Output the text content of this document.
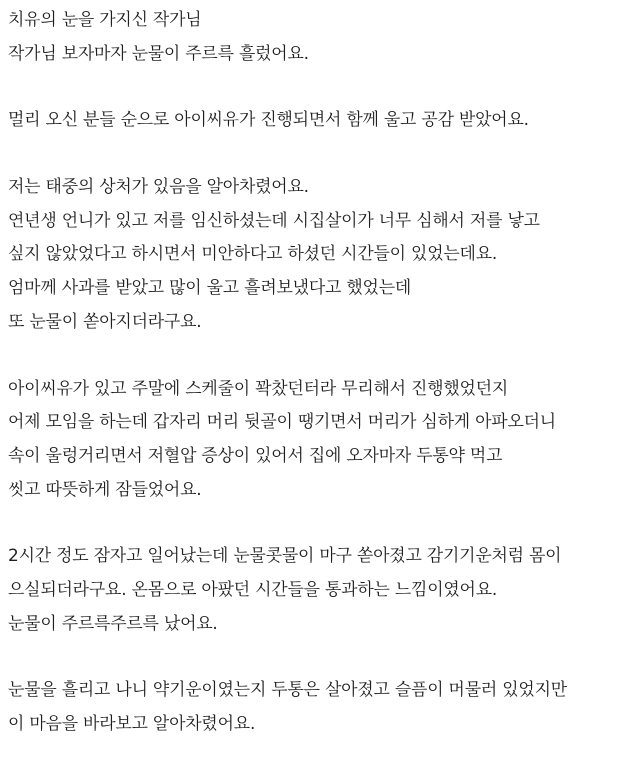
치유의 눈을 가지신 작가님
작가님 보자마자 눈물이 주르륵 흘렀어요.
멀리 오신 분들 순으로 아이씨유가 진행되면서 함께 울고 공감 받았어요.
저는 태중의 상처가 있음을 알아차렸어요.
연년생 언니가 있고 저를 임신하셨는데 시집살이가 너무 심해서 저를 낳고
싶지 않았었다고 하시면서 미안하다고 하셨던 시간들이 있었는데요.
엄마께 사과를 받았고 많이 울고 흘려보냈다고 했었는데
또 눈물이 쏟아지더라구요.
아이씨유가 있고 주말에 스케줄이 꽉찼던터라 무리해서 진행했었던지
어제 모임을 하는데 갑자리 머리 뒷골이 땡기면서 머리가 심하게 아파오더니
속이 울렁거리면서 저혈압 증상이 있어서 집에 오자마자 두통약 먹고
씻고 따뜻하게 잠들었어요.
2시간 정도 잠자고 일어났는데 눈물콧물이 마구 쏟아졌고 감기기운처럼 몸이
으실되더라구요. 온몸으로 아팠던 시간들을 통과하는 느낌이였어요.
눈물이 주르륵주르륵 났어요.
눈물을 흘리고 나니 약기운이였는지 두통은 살아졌고 슬픔이 머물러 있었지만
이 마음을 바라보고 알아차렸어요.
